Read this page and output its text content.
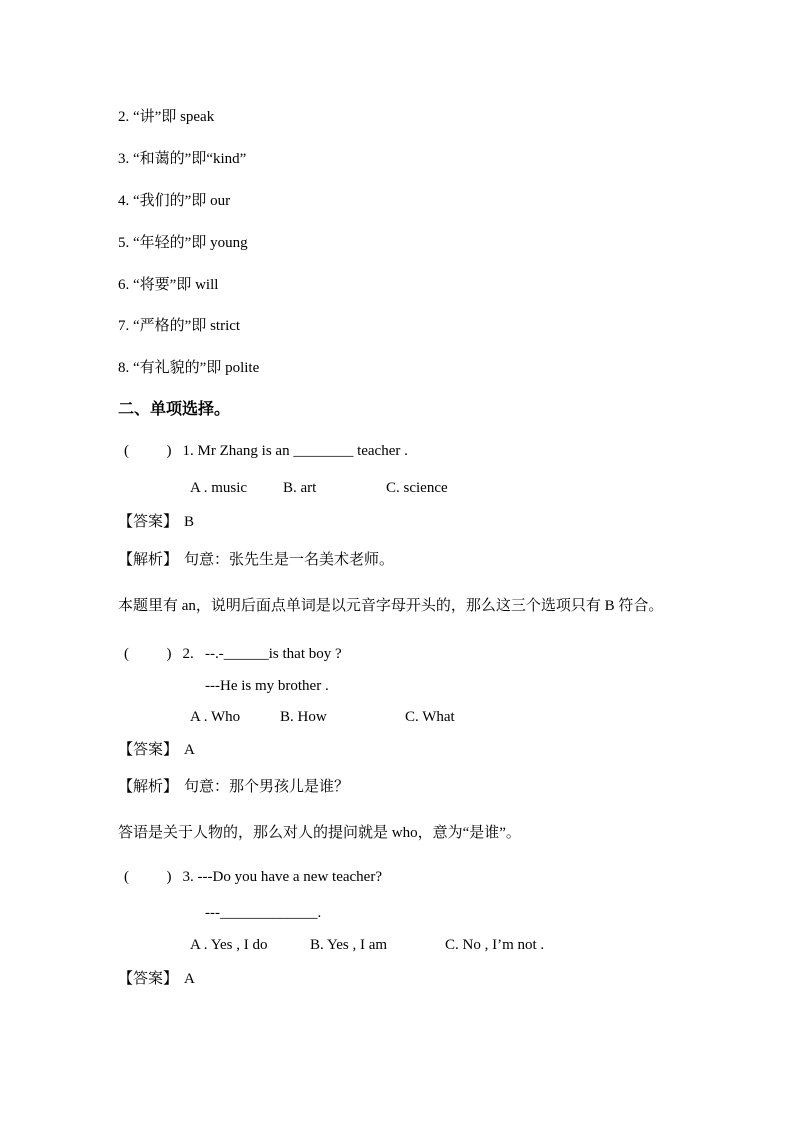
2. “讲”即 speak
3. “和蔼的”即“kind”
4. “我们的”即 our
5. “年轻的”即 young
6. “将要”即 will
7. “严格的”即 strict
8. “有礼貌的”即 polite
二、单项选择。
(          ) 1. Mr Zhang is an ________ teacher .
A . music B. art	C. science
【答案】 B
【解析】 句意：张先生是一名美术老师。
本题里有 an，说明后面点单词是以元音字母开头的，那么这三个选项只有 B 符合。
(          ) 2.   --.-______is that boy ?
---He is my brother .
A . Who	B. How	C. What
【答案】 A
【解析】 句意：那个男孩儿是谁？
答语是关于人物的，那么对人的提问就是 who，意为“是谁”。
(          ) 3. ---Do you have a new teacher?
---_____________.
A . Yes , I do	B. Yes , I am	C. No , I’m not .
【答案】 A
